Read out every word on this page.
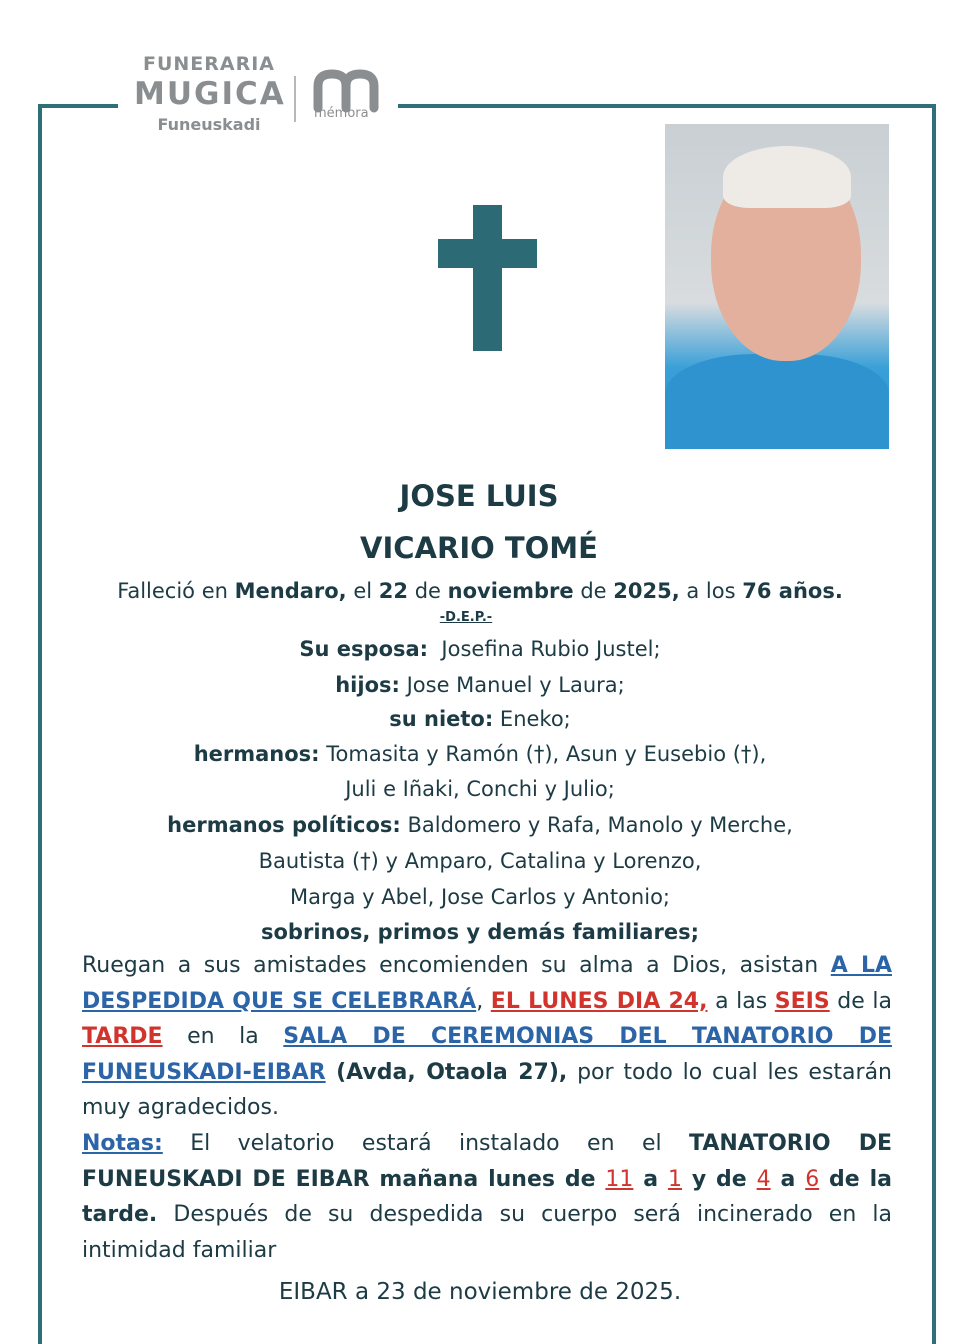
FUNERARIA
MUGICA
Funeuskadi
mémora
JOSE LUIS
VICARIO TOMÉ
Falleció en Mendaro, el 22 de noviembre de 2025, a los 76 años.
-D.E.P.-
Su esposa:  Josefina Rubio Justel;
hijos: Jose Manuel y Laura;
su nieto: Eneko;
hermanos: Tomasita y Ramón (†), Asun y Eusebio (†),
Juli e Iñaki, Conchi y Julio;
hermanos políticos: Baldomero y Rafa, Manolo y Merche,
Bautista (†) y Amparo, Catalina y Lorenzo,
Marga y Abel, Jose Carlos y Antonio;
sobrinos, primos y demás familiares;
Ruegan a sus amistades encomienden su alma a Dios, asistan A LA DESPEDIDA QUE SE CELEBRARÁ, EL LUNES DIA 24, a las SEIS de la TARDE en la SALA DE CEREMONIAS DEL TANATORIO DE FUNEUSKADI-EIBAR (Avda, Otaola 27), por todo lo cual les estarán muy agradecidos.
Notas: El velatorio estará instalado en el TANATORIO DE FUNEUSKADI DE EIBAR mañana lunes de 11 a 1 y de 4 a 6 de la tarde. Después de su despedida su cuerpo será incinerado en la intimidad familiar
EIBAR a 23 de noviembre de 2025.
